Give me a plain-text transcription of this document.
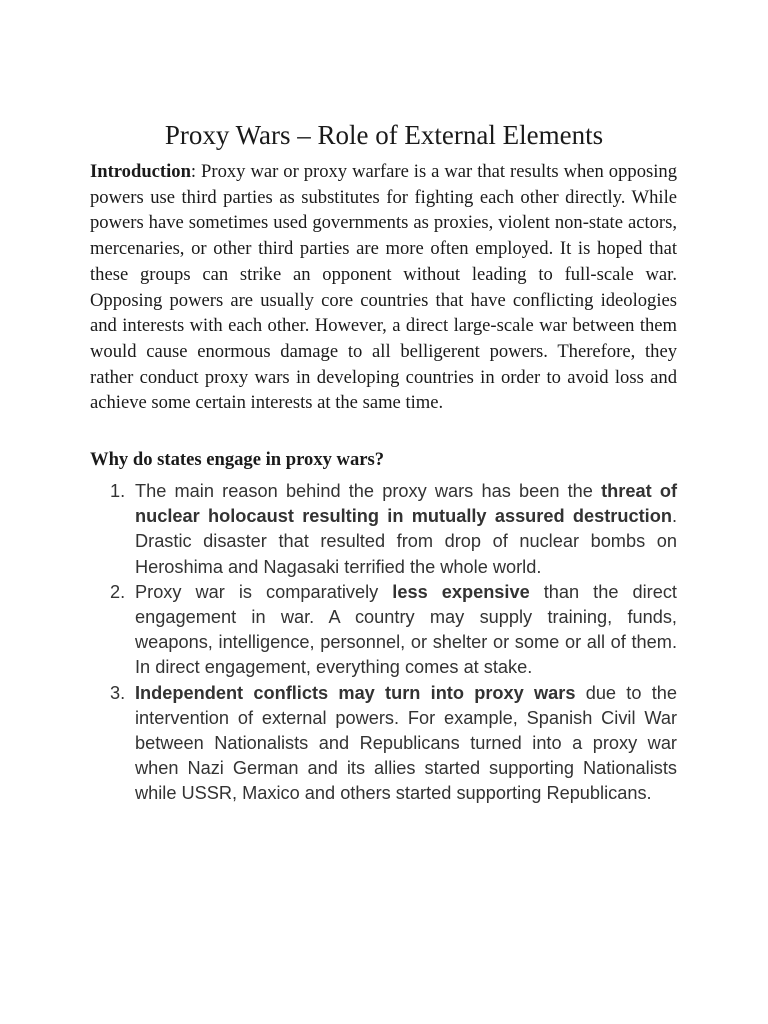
Proxy Wars – Role of External Elements

Introduction: Proxy war or proxy warfare is a war that results when opposing powers use third parties as substitutes for fighting each other directly. While powers have sometimes used governments as proxies, violent non-state actors, mercenaries, or other third parties are more often employed. It is hoped that these groups can strike an opponent without leading to full-scale war. Opposing powers are usually core countries that have conflicting ideologies and interests with each other. However, a direct large-scale war between them would cause enormous damage to all belligerent powers. Therefore, they rather conduct proxy wars in developing countries in order to avoid loss and achieve some certain interests at the same time.

Why do states engage in proxy wars?
1. The main reason behind the proxy wars has been the threat of nuclear holocaust resulting in mutually assured destruction. Drastic disaster that resulted from drop of nuclear bombs on Heroshima and Nagasaki terrified the whole world.
2. Proxy war is comparatively less expensive than the direct engagement in war. A country may supply training, funds, weapons, intelligence, personnel, or shelter or some or all of them. In direct engagement, everything comes at stake.
3. Independent conflicts may turn into proxy wars due to the intervention of external powers. For example, Spanish Civil War between Nationalists and Republicans turned into a proxy war when Nazi German and its allies started supporting Nationalists while USSR, Maxico and others started supporting Republicans.
